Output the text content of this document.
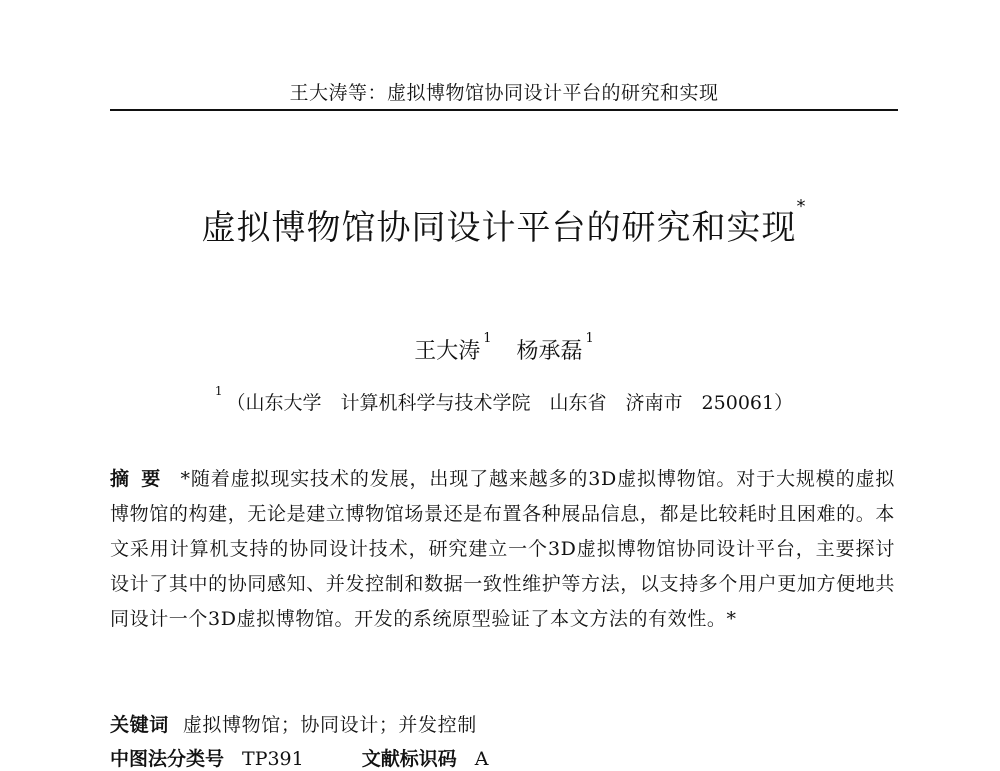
王大涛等：虚拟博物馆协同设计平台的研究和实现
虚拟博物馆协同设计平台的研究和实现*
王大涛$^1$ 杨承磊$^1$
$^1$（山东大学　计算机科学与技术学院　山东省　济南市　250061）
摘要 *随着虚拟现实技术的发展，出现了越来越多的3D虚拟博物馆。对于大规模的虚拟博物馆的构建，无论是建立博物馆场景还是布置各种展品信息，都是比较耗时且困难的。本文采用计算机支持的协同设计技术，研究建立一个3D虚拟博物馆协同设计平台，主要探讨设计了其中的协同感知、并发控制和数据一致性维护等方法，以支持多个用户更加方便地共同设计一个3D虚拟博物馆。开发的系统原型验证了本文方法的有效性。*
关键词 虚拟博物馆；协同设计；并发控制
中图法分类号 TP391	文献标识码 A
